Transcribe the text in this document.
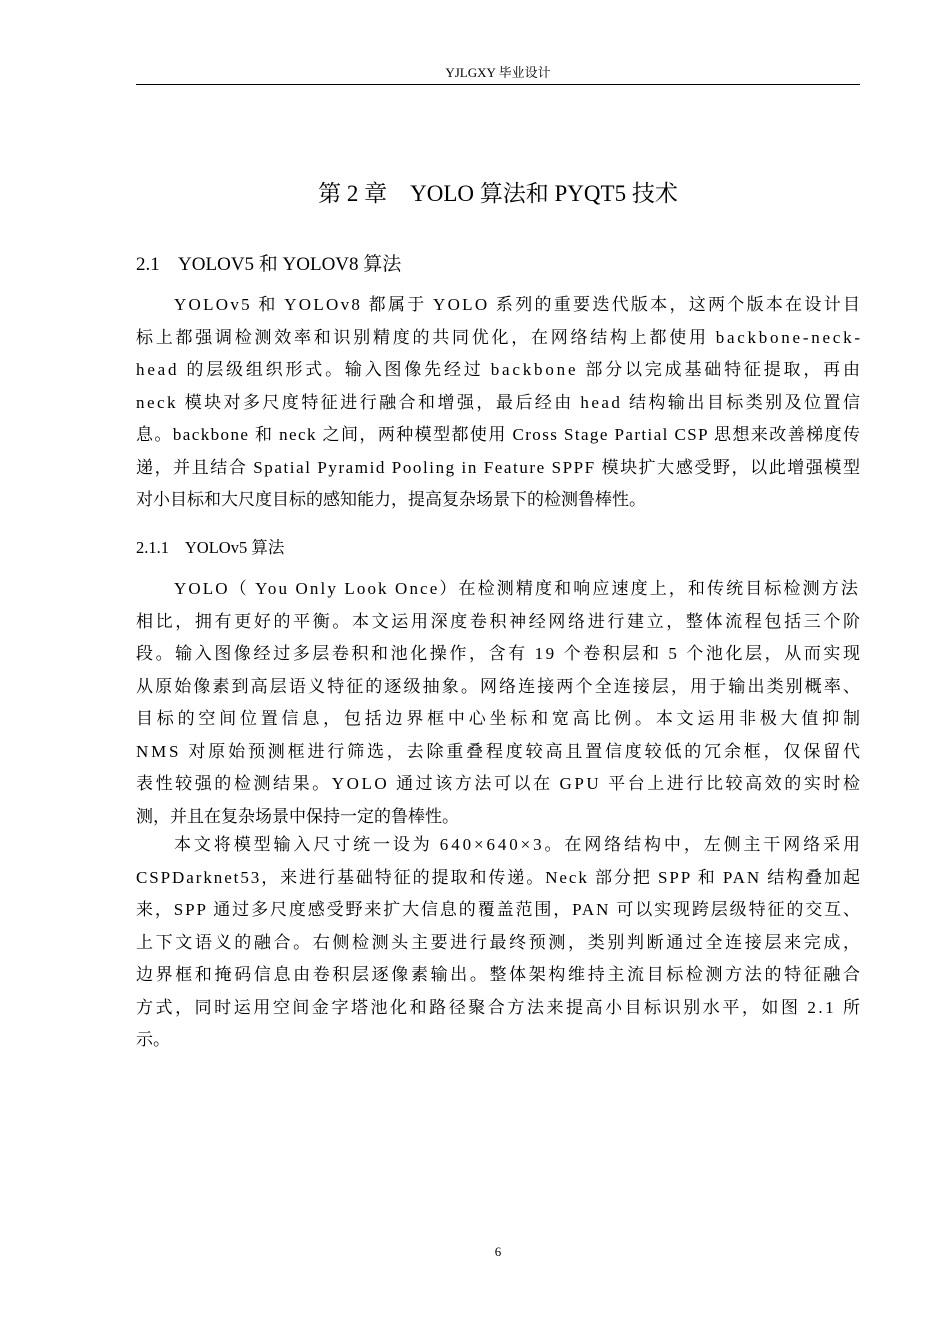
YJLGXY 毕业设计
第 2 章    YOLO 算法和 PYQT5 技术
2.1    YOLOV5 和 YOLOV8 算法
YOLOv5 和 YOLOv8 都属于 YOLO 系列的重要迭代版本，这两个版本在设计目
标上都强调检测效率和识别精度的共同优化，在网络结构上都使用 backbone-neck-
head 的层级组织形式。输入图像先经过 backbone 部分以完成基础特征提取，再由
neck 模块对多尺度特征进行融合和增强，最后经由 head 结构输出目标类别及位置信
息。backbone 和 neck 之间，两种模型都使用 Cross Stage Partial CSP 思想来改善梯度传
递，并且结合 Spatial Pyramid Pooling in Feature SPPF 模块扩大感受野，以此增强模型
对小目标和大尺度目标的感知能力，提高复杂场景下的检测鲁棒性。
2.1.1    YOLOv5 算法
YOLO（ You Only Look Once）在检测精度和响应速度上，和传统目标检测方法
相比，拥有更好的平衡。本文运用深度卷积神经网络进行建立，整体流程包括三个阶
段。输入图像经过多层卷积和池化操作，含有 19 个卷积层和 5 个池化层，从而实现
从原始像素到高层语义特征的逐级抽象。网络连接两个全连接层，用于输出类别概率、
目标的空间位置信息，包括边界框中心坐标和宽高比例。本文运用非极大值抑制
NMS 对原始预测框进行筛选，去除重叠程度较高且置信度较低的冗余框，仅保留代
表性较强的检测结果。YOLO 通过该方法可以在 GPU 平台上进行比较高效的实时检
测，并且在复杂场景中保持一定的鲁棒性。
本文将模型输入尺寸统一设为 640×640×3。在网络结构中，左侧主干网络采用
CSPDarknet53，来进行基础特征的提取和传递。Neck 部分把 SPP 和 PAN 结构叠加起
来，SPP 通过多尺度感受野来扩大信息的覆盖范围，PAN 可以实现跨层级特征的交互、
上下文语义的融合。右侧检测头主要进行最终预测，类别判断通过全连接层来完成，
边界框和掩码信息由卷积层逐像素输出。整体架构维持主流目标检测方法的特征融合
方式，同时运用空间金字塔池化和路径聚合方法来提高小目标识别水平，如图 2.1 所
示。
6
